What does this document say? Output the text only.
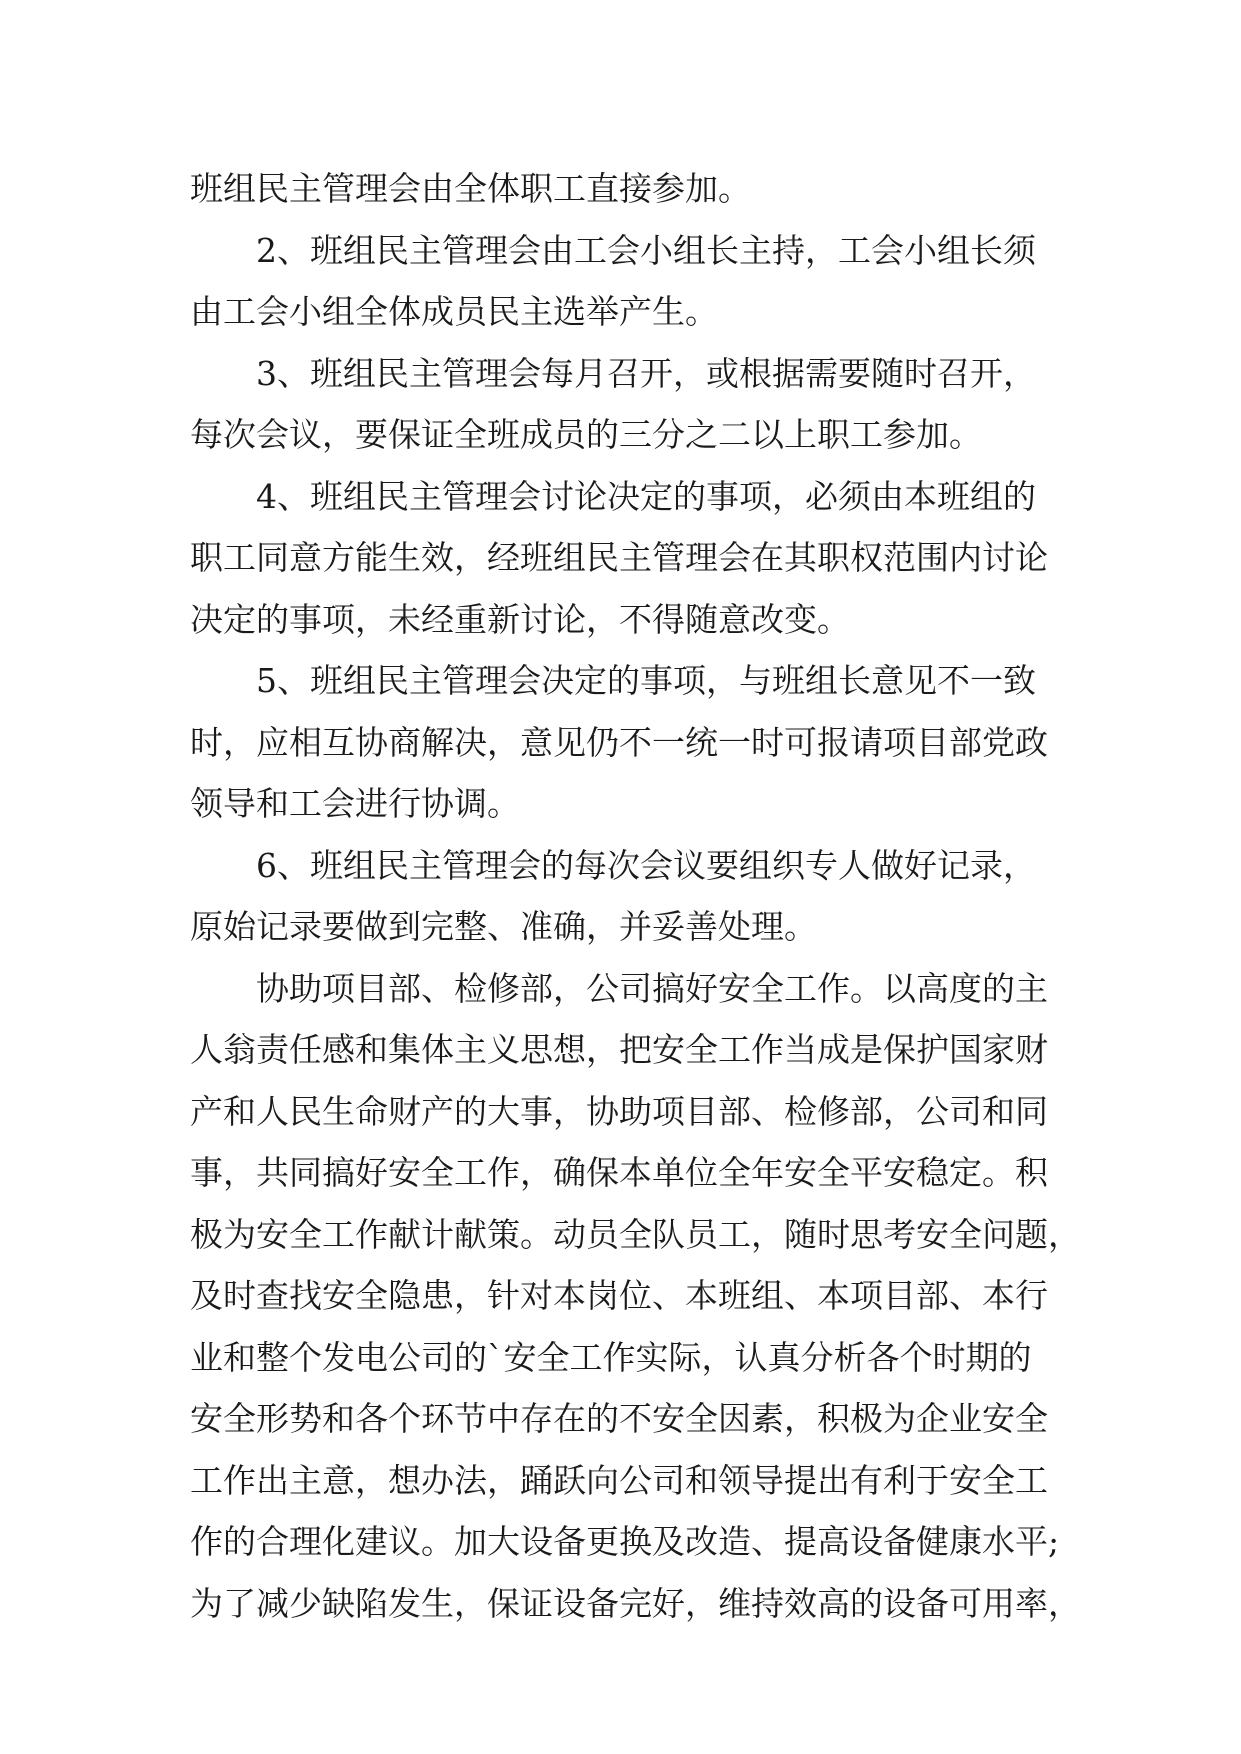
班组民主管理会由全体职工直接参加。
2、班组民主管理会由工会小组长主持，工会小组长须
由工会小组全体成员民主选举产生。
3、班组民主管理会每月召开，或根据需要随时召开，
每次会议，要保证全班成员的三分之二以上职工参加。
4、班组民主管理会讨论决定的事项，必须由本班组的
职工同意方能生效，经班组民主管理会在其职权范围内讨论
决定的事项，未经重新讨论，不得随意改变。
5、班组民主管理会决定的事项，与班组长意见不一致
时，应相互协商解决，意见仍不一统一时可报请项目部党政
领导和工会进行协调。
6、班组民主管理会的每次会议要组织专人做好记录，
原始记录要做到完整、准确，并妥善处理。
协助项目部、检修部，公司搞好安全工作。以高度的主
人翁责任感和集体主义思想，把安全工作当成是保护国家财
产和人民生命财产的大事，协助项目部、检修部，公司和同
事，共同搞好安全工作，确保本单位全年安全平安稳定。积
极为安全工作献计献策。动员全队员工，随时思考安全问题，
及时查找安全隐患，针对本岗位、本班组、本项目部、本行
业和整个发电公司的`安全工作实际，认真分析各个时期的
安全形势和各个环节中存在的不安全因素，积极为企业安全
工作出主意，想办法，踊跃向公司和领导提出有利于安全工
作的合理化建议。加大设备更换及改造、提高设备健康水平;
为了减少缺陷发生，保证设备完好，维持效高的设备可用率，
